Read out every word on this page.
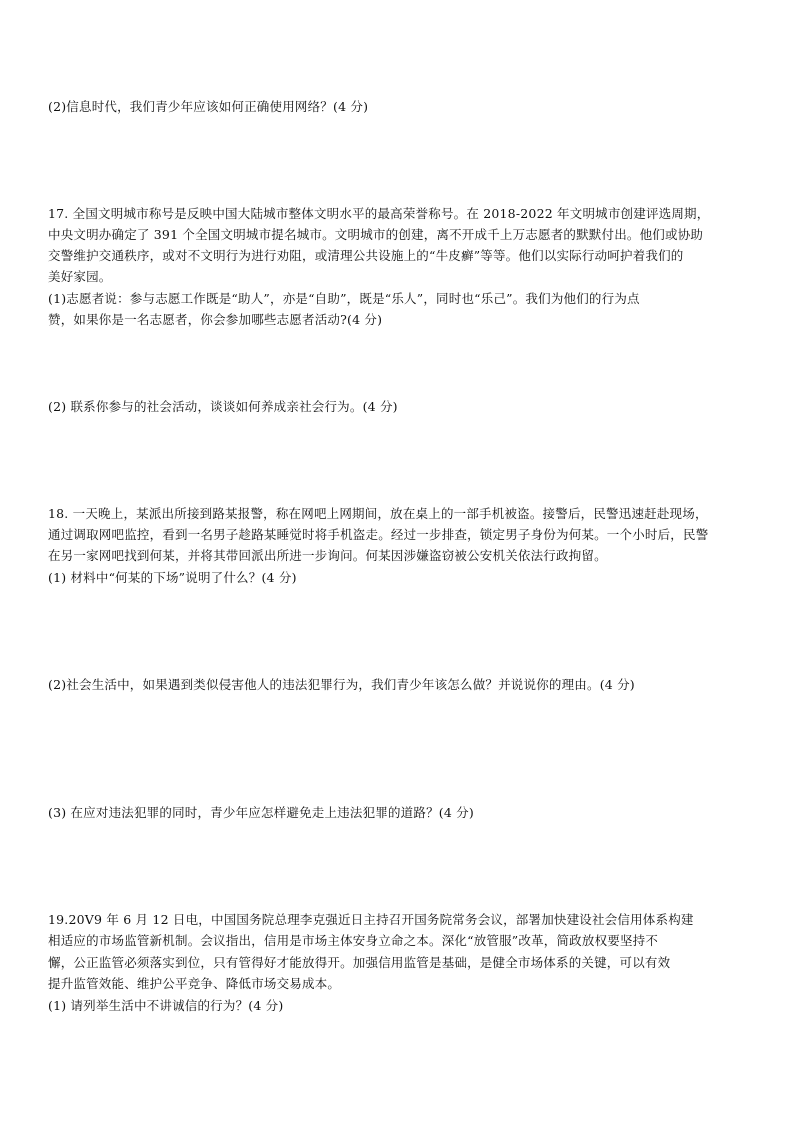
(2)信息时代，我们青少年应该如何正确使用网络？(4 分)
17. 全国文明城市称号是反映中国大陆城市整体文明水平的最高荣誉称号。在 2018-2022 年文明城市创建评选周期，
中央文明办确定了 391 个全国文明城市提名城市。文明城市的创建，离不开成千上万志愿者的默默付出。他们或协助
交警维护交通秩序，或对不文明行为进行劝阻，或清理公共设施上的“牛皮癣”等等。他们以实际行动呵护着我们的
美好家园。
(1)志愿者说：参与志愿工作既是“助人”，亦是“自助”，既是“乐人”，同时也“乐己”。我们为他们的行为点
赞，如果你是一名志愿者，你会参加哪些志愿者活动?(4 分)
(2) 联系你参与的社会活动，谈谈如何养成亲社会行为。(4 分)
18. 一天晚上，某派出所接到路某报警，称在网吧上网期间，放在桌上的一部手机被盗。接警后，民警迅速赶赴现场，
通过调取网吧监控，看到一名男子趁路某睡觉时将手机盗走。经过一步排查，锁定男子身份为何某。一个小时后，民警
在另一家网吧找到何某，并将其带回派出所进一步询问。何某因涉嫌盗窃被公安机关依法行政拘留。
(1) 材料中“何某的下场”说明了什么？(4 分)
(2)社会生活中，如果遇到类似侵害他人的违法犯罪行为，我们青少年该怎么做？并说说你的理由。(4 分)
(3) 在应对违法犯罪的同时，青少年应怎样避免走上违法犯罪的道路？(4 分)
19.20V9 年 6 月 12 日电，中国国务院总理李克强近日主持召开国务院常务会议，部署加快建设社会信用体系构建
相适应的市场监管新机制。会议指出，信用是市场主体安身立命之本。深化“放管服”改革，简政放权要坚持不
懈，公正监管必须落实到位，只有管得好才能放得开。加强信用监管是基础，是健全市场体系的关键，可以有效
提升监管效能、维护公平竞争、降低市场交易成本。
(1) 请列举生活中不讲诚信的行为？(4 分)
